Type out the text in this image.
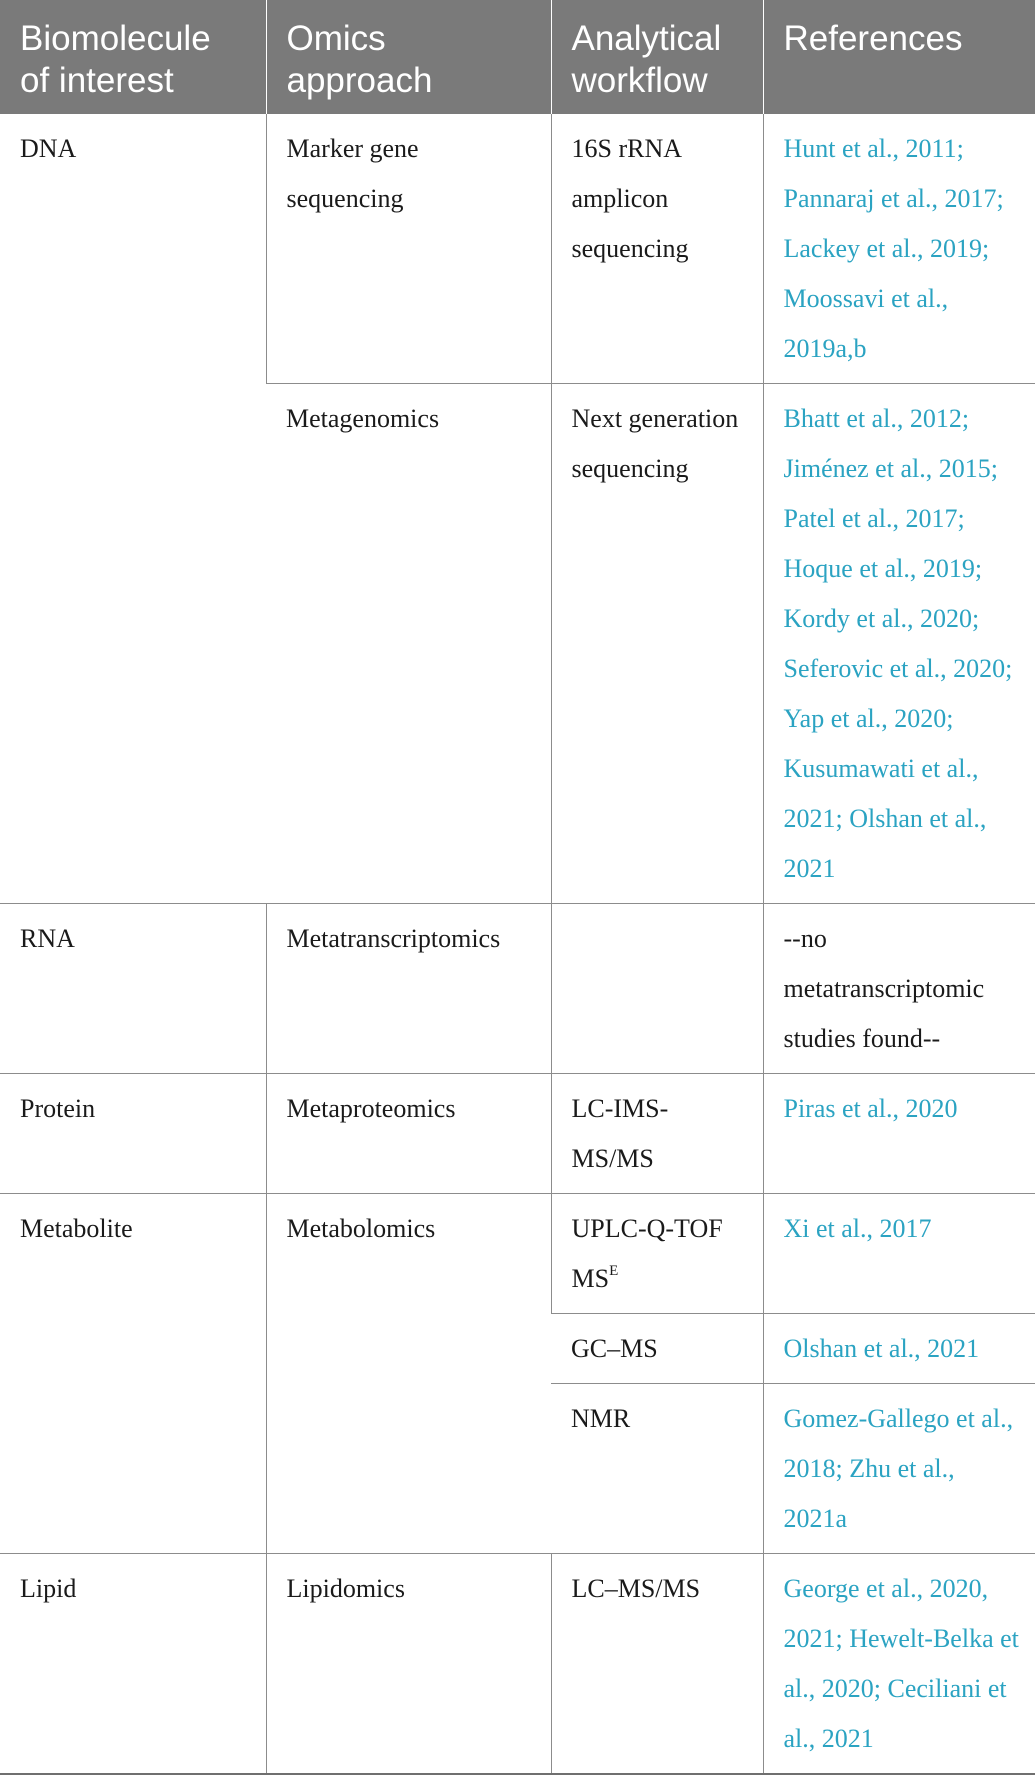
Biomolecule of interest	Omics approach	Analytical workflow	References
DNA	Marker gene sequencing	16S rRNA amplicon sequencing	Hunt et al., 2011; Pannaraj et al., 2017; Lackey et al., 2019; Moossavi et al., 2019a,b
	Metagenomics	Next generation sequencing	Bhatt et al., 2012; Jiménez et al., 2015; Patel et al., 2017; Hoque et al., 2019; Kordy et al., 2020; Seferovic et al., 2020; Yap et al., 2020; Kusumawati et al., 2021; Olshan et al., 2021
RNA	Metatranscriptomics		--no metatranscriptomic studies found--
Protein	Metaproteomics	LC-IMS-MS/MS	Piras et al., 2020
Metabolite	Metabolomics	UPLC-Q-TOF $MS^E$	Xi et al., 2017
		GC–MS	Olshan et al., 2021
		NMR	Gomez-Gallego et al., 2018; Zhu et al., 2021a
Lipid	Lipidomics	LC–MS/MS	George et al., 2020, 2021; Hewelt-Belka et al., 2020; Ceciliani et al., 2021
